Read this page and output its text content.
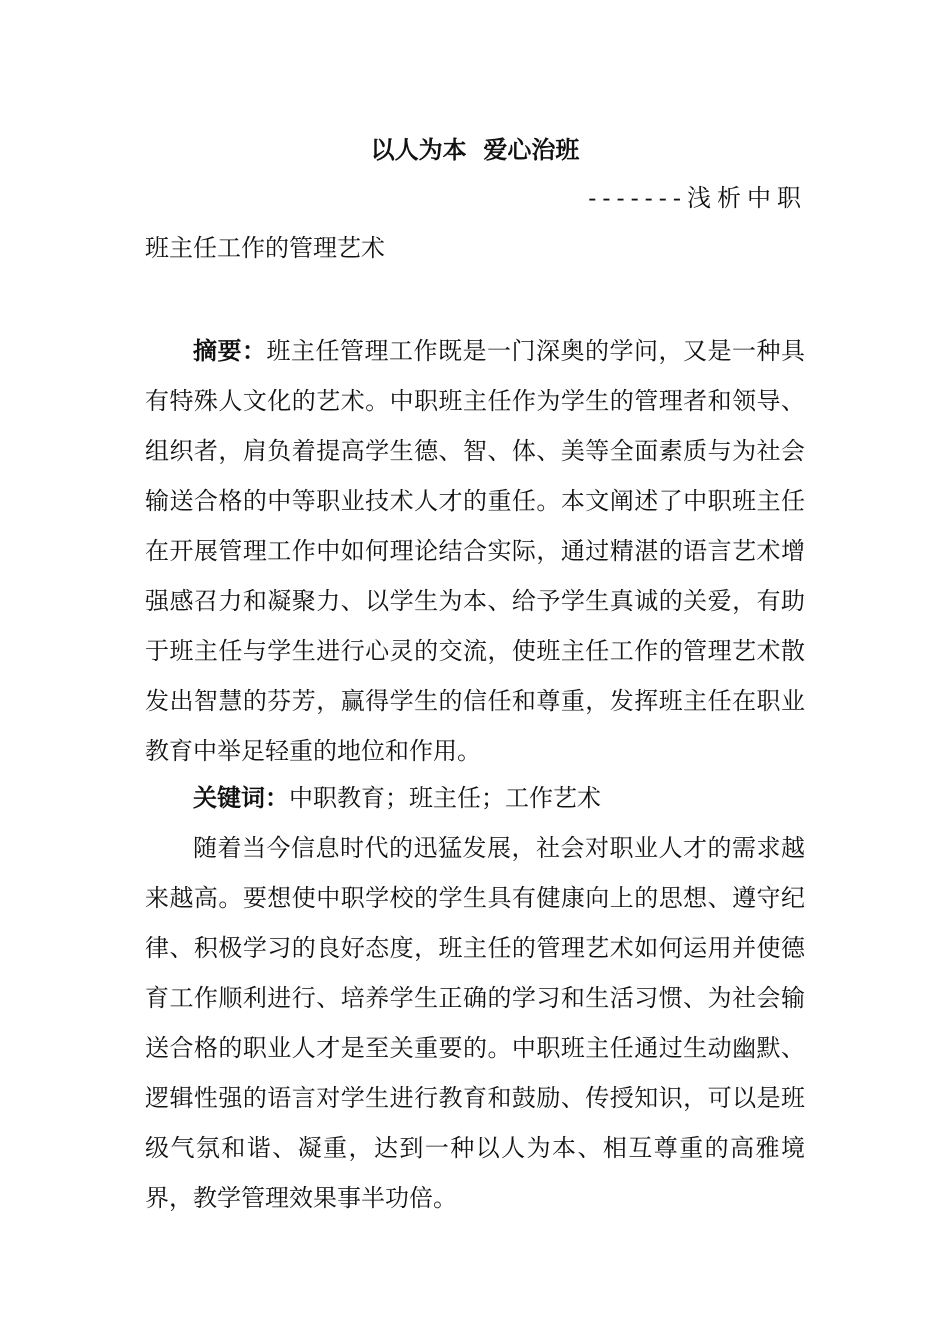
以人为本  爱心治班
-------浅析中职
班主任工作的管理艺术

摘要：班主任管理工作既是一门深奥的学问，又是一种具有特殊人文化的艺术。中职班主任作为学生的管理者和领导、组织者，肩负着提高学生德、智、体、美等全面素质与为社会输送合格的中等职业技术人才的重任。本文阐述了中职班主任在开展管理工作中如何理论结合实际，通过精湛的语言艺术增强感召力和凝聚力、以学生为本、给予学生真诚的关爱，有助于班主任与学生进行心灵的交流，使班主任工作的管理艺术散发出智慧的芬芳，赢得学生的信任和尊重，发挥班主任在职业教育中举足轻重的地位和作用。

关键词：中职教育；班主任；工作艺术

随着当今信息时代的迅猛发展，社会对职业人才的需求越来越高。要想使中职学校的学生具有健康向上的思想、遵守纪律、积极学习的良好态度，班主任的管理艺术如何运用并使德育工作顺利进行、培养学生正确的学习和生活习惯、为社会输送合格的职业人才是至关重要的。中职班主任通过生动幽默、逻辑性强的语言对学生进行教育和鼓励、传授知识，可以是班级气氛和谐、凝重，达到一种以人为本、相互尊重的高雅境界，教学管理效果事半功倍。
